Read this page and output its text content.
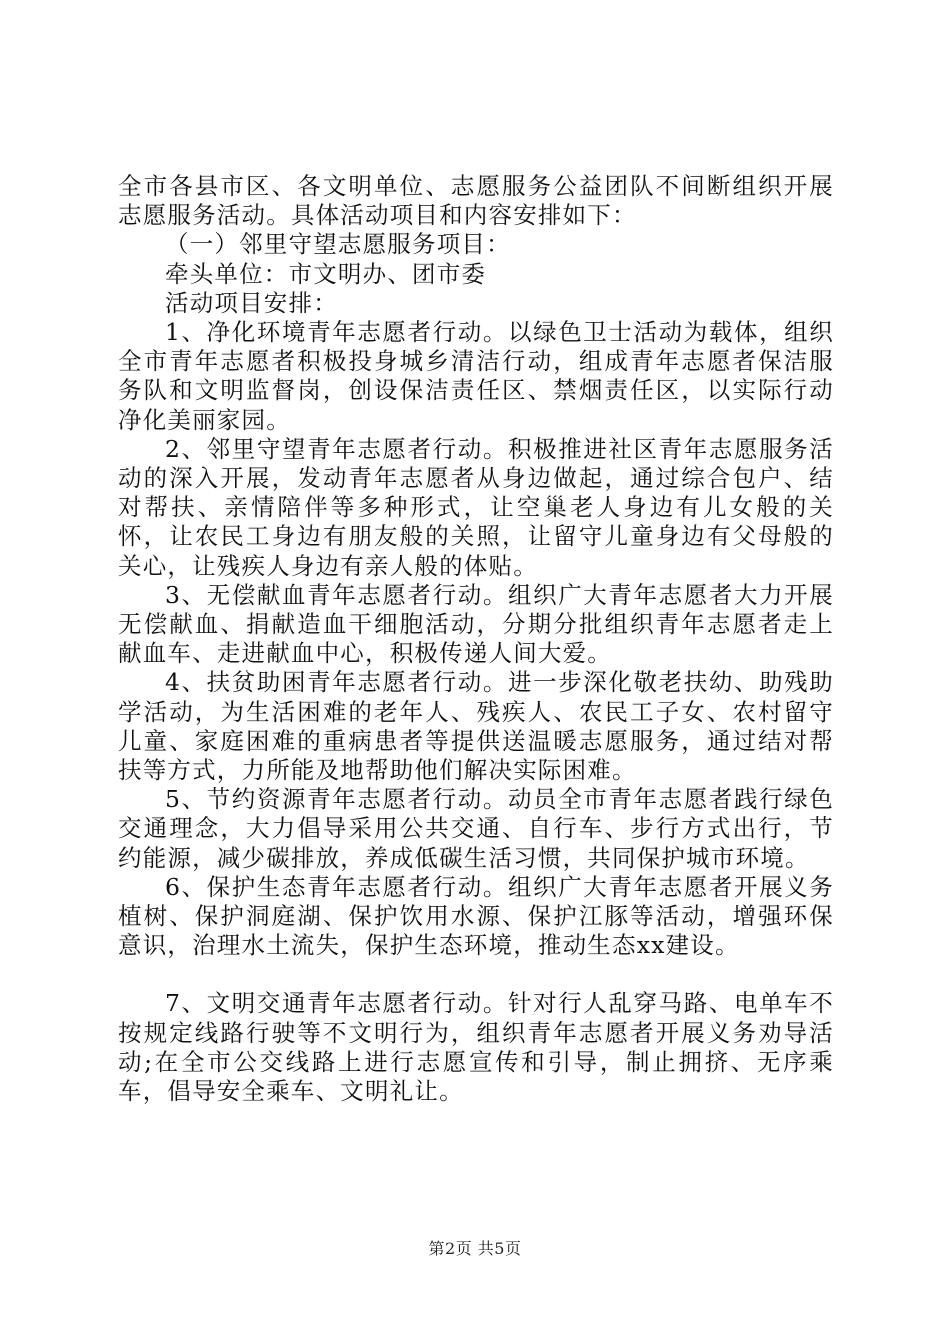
全市各县市区、各文明单位、志愿服务公益团队不间断组织开展志愿服务活动。具体活动项目和内容安排如下：

（一）邻里守望志愿服务项目：

牵头单位：市文明办、团市委

活动项目安排：

1、净化环境青年志愿者行动。以绿色卫士活动为载体，组织全市青年志愿者积极投身城乡清洁行动，组成青年志愿者保洁服务队和文明监督岗，创设保洁责任区、禁烟责任区，以实际行动净化美丽家园。

2、邻里守望青年志愿者行动。积极推进社区青年志愿服务活动的深入开展，发动青年志愿者从身边做起，通过综合包户、结对帮扶、亲情陪伴等多种形式，让空巢老人身边有儿女般的关怀，让农民工身边有朋友般的关照，让留守儿童身边有父母般的关心，让残疾人身边有亲人般的体贴。

3、无偿献血青年志愿者行动。组织广大青年志愿者大力开展无偿献血、捐献造血干细胞活动，分期分批组织青年志愿者走上献血车、走进献血中心，积极传递人间大爱。

4、扶贫助困青年志愿者行动。进一步深化敬老扶幼、助残助学活动，为生活困难的老年人、残疾人、农民工子女、农村留守儿童、家庭困难的重病患者等提供送温暖志愿服务，通过结对帮扶等方式，力所能及地帮助他们解决实际困难。

5、节约资源青年志愿者行动。动员全市青年志愿者践行绿色交通理念，大力倡导采用公共交通、自行车、步行方式出行，节约能源，减少碳排放，养成低碳生活习惯，共同保护城市环境。

6、保护生态青年志愿者行动。组织广大青年志愿者开展义务植树、保护洞庭湖、保护饮用水源、保护江豚等活动，增强环保意识，治理水土流失，保护生态环境，推动生态xx建设。

7、文明交通青年志愿者行动。针对行人乱穿马路、电单车不按规定线路行驶等不文明行为，组织青年志愿者开展义务劝导活动;在全市公交线路上进行志愿宣传和引导，制止拥挤、无序乘车，倡导安全乘车、文明礼让。

第2页 共5页
